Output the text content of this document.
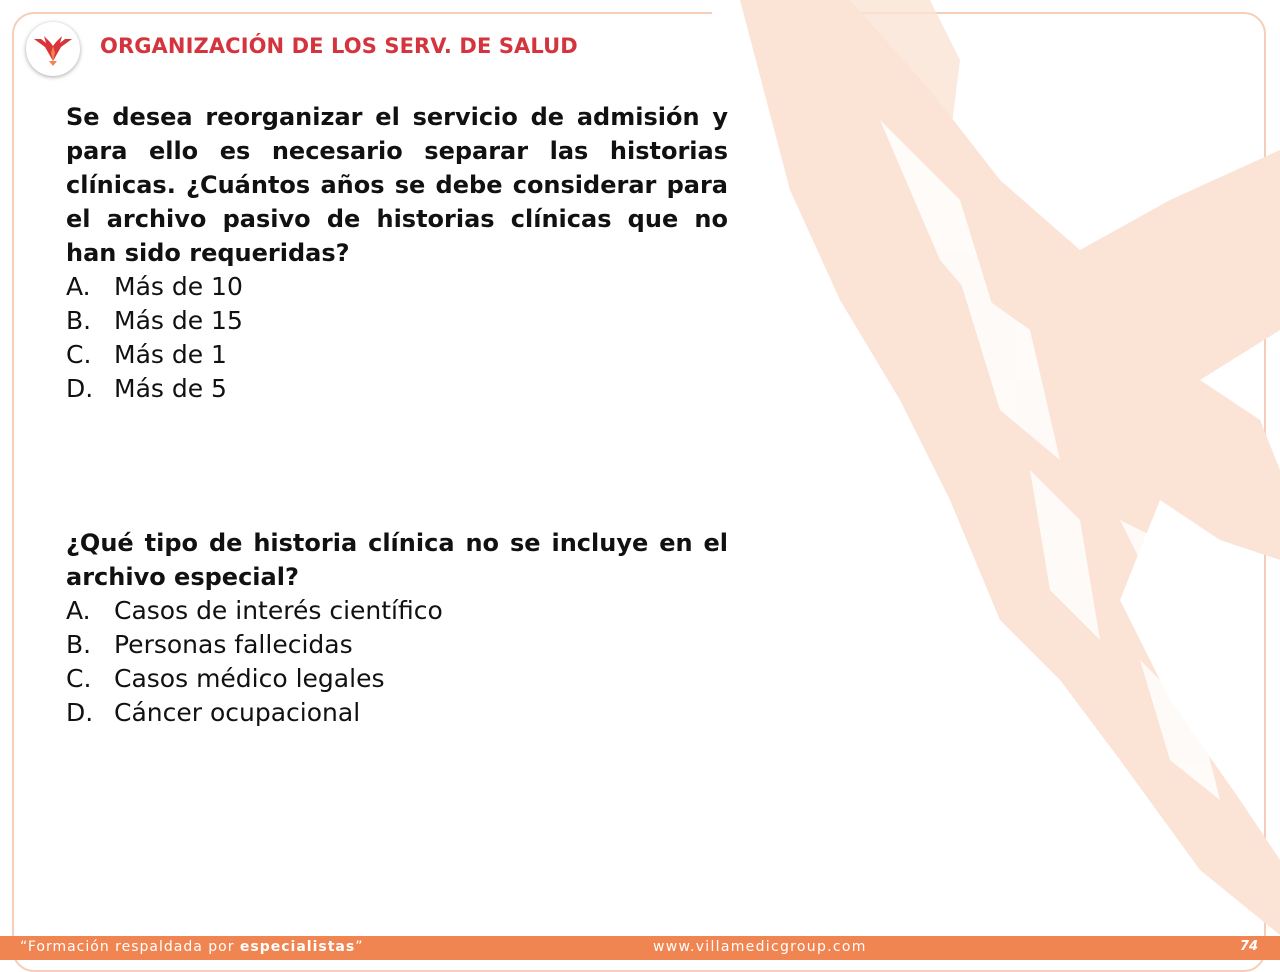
ORGANIZACIÓN DE LOS SERV. DE SALUD

Se desea reorganizar el servicio de admisión y para ello es necesario separar las historias clínicas. ¿Cuántos años se debe considerar para el archivo pasivo de historias clínicas que no han sido requeridas?

A. Más de 10
B. Más de 15
C. Más de 1
D. Más de 5

¿Qué tipo de historia clínica no se incluye en el archivo especial?

A. Casos de interés científico
B. Personas fallecidas
C. Casos médico legales
D. Cáncer ocupacional
“Formación respaldada por especialistas”	www.villamedicgroup.com	74
